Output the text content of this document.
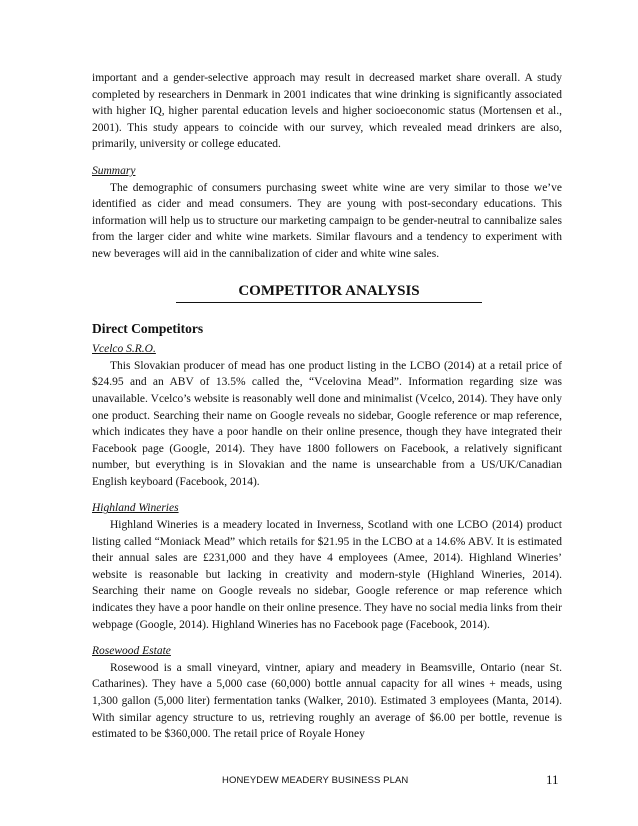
important and a gender-selective approach may result in decreased market share overall. A study completed by researchers in Denmark in 2001 indicates that wine drinking is significantly associated with higher IQ, higher parental education levels and higher socioeconomic status (Mortensen et al., 2001). This study appears to coincide with our survey, which revealed mead drinkers are also, primarily, university or college educated.

Summary

The demographic of consumers purchasing sweet white wine are very similar to those we’ve identified as cider and mead consumers. They are young with post-secondary educations. This information will help us to structure our marketing campaign to be gender-neutral to cannibalize sales from the larger cider and white wine markets. Similar flavours and a tendency to experiment with new beverages will aid in the cannibalization of cider and white wine sales.

COMPETITOR ANALYSIS
Direct Competitors

Vcelco S.R.O.

This Slovakian producer of mead has one product listing in the LCBO (2014) at a retail price of $24.95 and an ABV of 13.5% called the, “Vcelovina Mead”. Information regarding size was unavailable. Vcelco’s website is reasonably well done and minimalist (Vcelco, 2014). They have only one product. Searching their name on Google reveals no sidebar, Google reference or map reference, which indicates they have a poor handle on their online presence, though they have integrated their Facebook page (Google, 2014). They have 1800 followers on Facebook, a relatively significant number, but everything is in Slovakian and the name is unsearchable from a US/UK/Canadian English keyboard (Facebook, 2014).

Highland Wineries

Highland Wineries is a meadery located in Inverness, Scotland with one LCBO (2014) product listing called “Moniack Mead” which retails for $21.95 in the LCBO at a 14.6% ABV. It is estimated their annual sales are £231,000 and they have 4 employees (Amee, 2014). Highland Wineries’ website is reasonable but lacking in creativity and modern-style (Highland Wineries, 2014). Searching their name on Google reveals no sidebar, Google reference or map reference which indicates they have a poor handle on their online presence. They have no social media links from their webpage (Google, 2014). Highland Wineries has no Facebook page (Facebook, 2014).

Rosewood Estate

Rosewood is a small vineyard, vintner, apiary and meadery in Beamsville, Ontario (near St. Catharines). They have a 5,000 case (60,000) bottle annual capacity for all wines + meads, using 1,300 gallon (5,000 liter) fermentation tanks (Walker, 2010). Estimated 3 employees (Manta, 2014). With similar agency structure to us, retrieving roughly an average of $6.00 per bottle, revenue is estimated to be $360,000. The retail price of Royale Honey

HONEYDEW MEADERY BUSINESS PLAN	11
